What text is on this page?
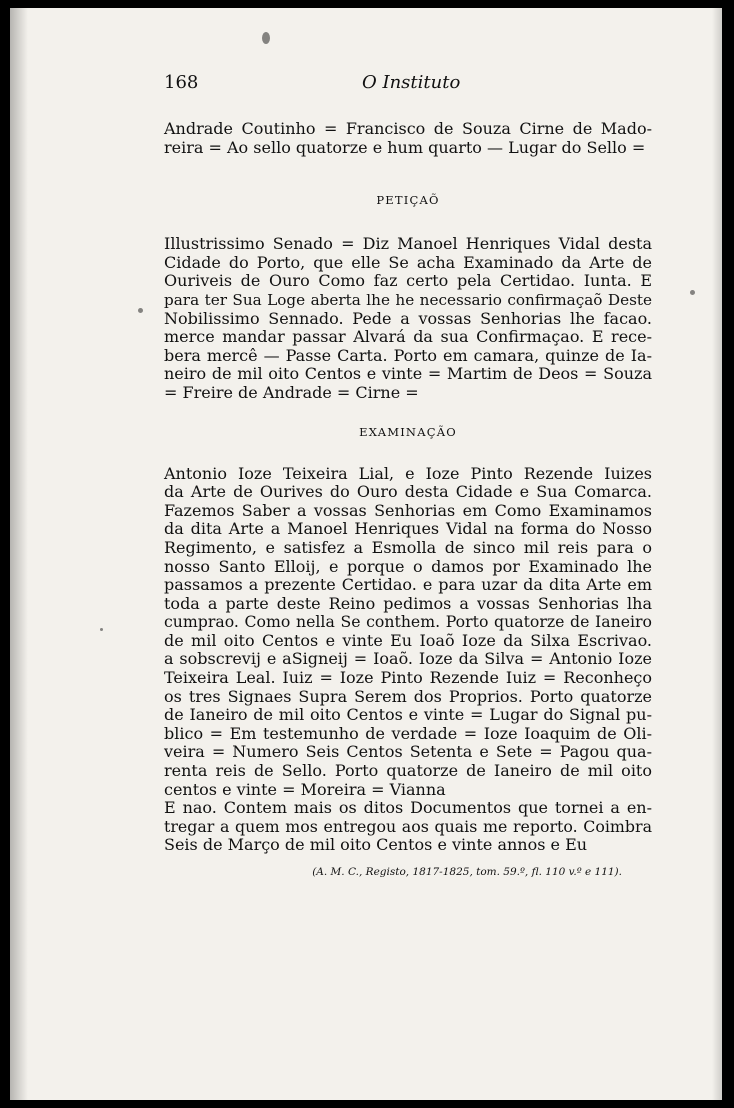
168	O Instituto

Andrade Coutinho = Francisco de Souza Cirne de Mado-
reira = Ao sello quatorze e hum quarto — Lugar do Sello =

PETIÇAÕ

Illustrissimo Senado = Diz Manoel Henriques Vidal desta
Cidade do Porto, que elle Se acha Examinado da Arte de
Ouriveis de Ouro Como faz certo pela Certidao. Iunta. E
para ter Sua Loge aberta lhe he necessario confirmaçaõ Deste
Nobilissimo Sennado. Pede a vossas Senhorias lhe facao.
merce mandar passar Alvará da sua Confirmaçao. E rece-
bera mercê — Passe Carta. Porto em camara, quinze de Ia-
neiro de mil oito Centos e vinte = Martim de Deos = Souza
= Freire de Andrade = Cirne =

EXAMINAÇÃO

Antonio Ioze Teixeira Lial, e Ioze Pinto Rezende Iuizes
da Arte de Ourives do Ouro desta Cidade e Sua Comarca.
Fazemos Saber a vossas Senhorias em Como Examinamos
da dita Arte a Manoel Henriques Vidal na forma do Nosso
Regimento, e satisfez a Esmolla de sinco mil reis para o
nosso Santo Elloij, e porque o damos por Examinado lhe
passamos a prezente Certidao. e para uzar da dita Arte em
toda a parte deste Reino pedimos a vossas Senhorias lha
cumprao. Como nella Se conthem. Porto quatorze de Ianeiro
de mil oito Centos e vinte Eu Ioaõ Ioze da Silxa Escrivao.
a sobscrevij e aSigneij = Ioaõ. Ioze da Silva = Antonio Ioze
Teixeira Leal. Iuiz = Ioze Pinto Rezende Iuiz = Reconheço
os tres Signaes Supra Serem dos Proprios. Porto quatorze
de Ianeiro de mil oito Centos e vinte = Lugar do Signal pu-
blico = Em testemunho de verdade = Ioze Ioaquim de Oli-
veira = Numero Seis Centos Setenta e Sete = Pagou qua-
renta reis de Sello. Porto quatorze de Ianeiro de mil oito
centos e vinte = Moreira = Vianna

E nao. Contem mais os ditos Documentos que tornei a en-
tregar a quem mos entregou aos quais me reporto. Coimbra
Seis de Março de mil oito Centos e vinte annos e Eu

(A. M. C., Registo, 1817-1825, tom. 59.º, fl. 110 v.º e 111).
